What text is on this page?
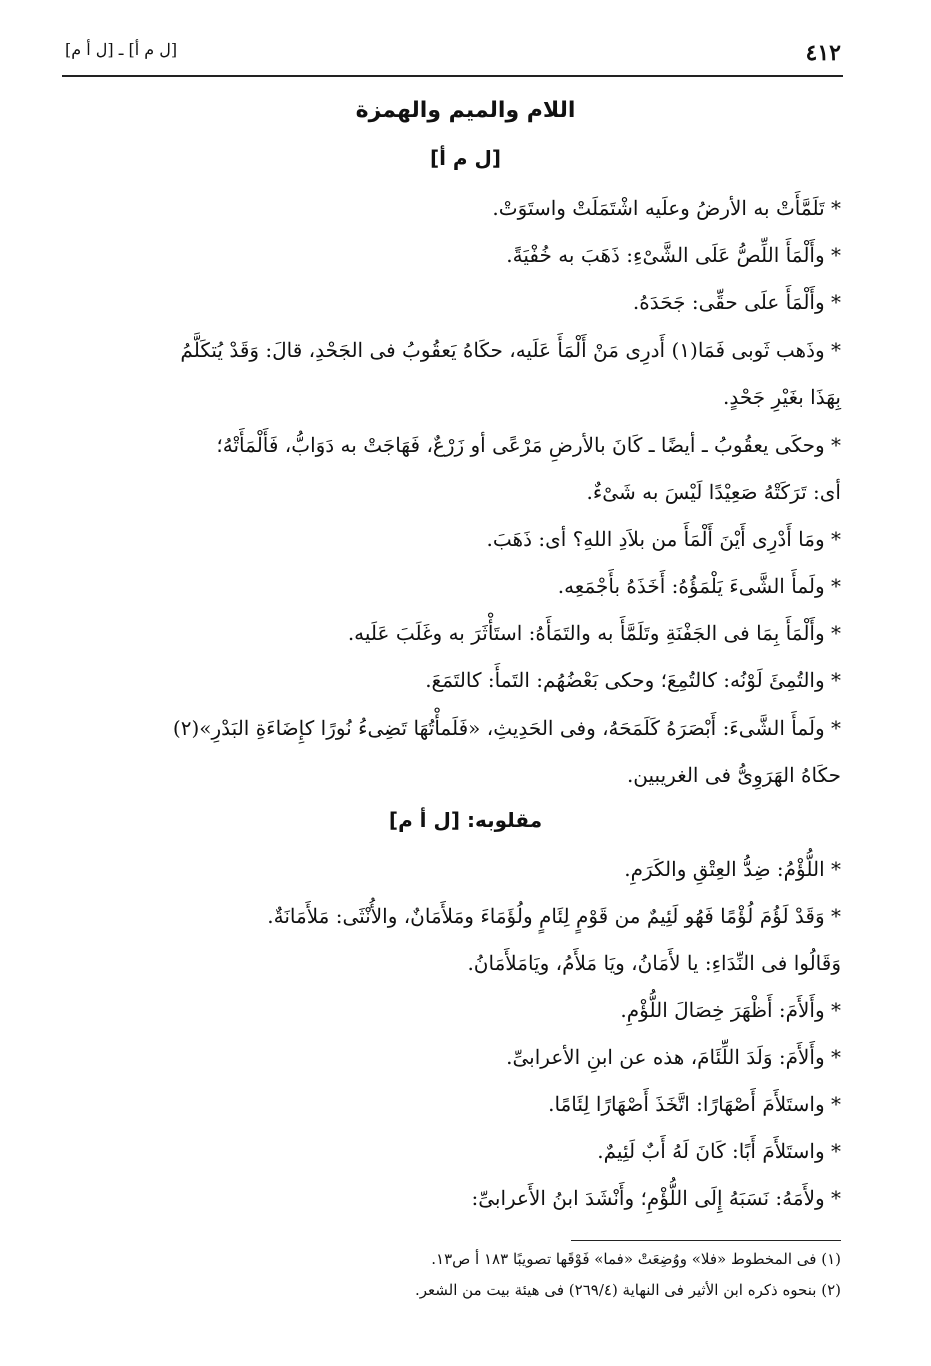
٤١٢
[ل م أ] ـ [ل أ م]
اللام والميم والهمزة
[ل م أ]
* تَلَمَّأَتْ به الأرضُ وعلَيه اشْتَمَلَتْ واستَوَتْ.
* وأَلْمَأَ اللِّصُّ عَلَى الشَّىْءِ: ذَهَبَ به خُفْيَةً.
* وأَلْمَأَ علَى حقِّى: جَحَدَهُ.
* وذَهب ثَوبى فَمَا(١) أَدرِى مَنْ أَلْمَأَ عَلَيه، حكَاهُ يَعقُوبُ فى الجَحْدِ، قالَ: وَقَدْ يُتكَلَّمُ
بِهَذَا بغَيْرِ جَحْدٍ.
* وحكَى يعقُوبُ ـ أيضًا ـ كَانَ بالأرضِ مَرْعًى أو زَرْعٌ، فَهَاجَتْ به دَوَابُّ، فَأَلْمَأَتْهُ؛
أى: تَرَكَتْهُ صَعِيْدًا لَيْسَ به شَىْءٌ.
* ومَا أَدْرِى أَيْنَ أَلْمَأَ من بلاَدِ اللهِ؟ أى: ذَهَبَ.
* ولَمأَ الشَّىءَ يَلْمَؤُهُ: أَخَذَهُ بأَجْمَعِه.
* وأَلْمَأَ بِمَا فى الجَفْنَةِ وتَلَمَّأَ به والتَمَأَهُ: استَأْثَرَ به وغَلَبَ عَلَيه.
* والتُمِئَ لَوْنُه: كالتُمِعَ؛ وحكى بَعْضُهُم: التَمأَ: كالتَمَعَ.
* ولَمأَ الشَّىءَ: أَبْصَرَهُ كَلَمَحَهُ، وفى الحَدِيثِ، «فَلَمأْتُهَا تَضِىءُ نُورًا كإِضَاءَةِ البَدْرِ»(٢)
حكَاهُ الهَرَوِىُّ فى الغريبين.
مقلوبه: [ل أ م]
* اللُّؤْمُ: ضِدُّ العِتْقِ والكَرَمِ.
* وَقَدْ لَؤُمَ لُؤْمًا فَهُو لَئِيمٌ من قَوْمٍ لِئَامٍ ولُؤَمَاءَ ومَلأَمَانٌ، والأُنْثَى: مَلأَمَانَةٌ.
وَقَالُوا فى النِّدَاءِ: يا لأَمَانُ، ويَا مَلأَمُ، ويَامَلأَمَانُ.
* وأَلأَمَ: أَظْهَرَ خِصَالَ اللُّؤْمِ.
* وأَلأَمَ: وَلَدَ اللِّئَامَ، هذه عن ابنِ الأعرابىِّ.
* واستَلأَمَ أَصْهَارًا: اتَّخَذَ أَصْهَارًا لِئَامًا.
* واستَلأَمَ أَبًا: كَانَ لَهُ أَبٌ لَئِيمٌ.
* ولأَمَهُ: نَسَبَهُ إِلَى اللُّؤْمِ؛ وأَنْشَدَ ابنُ الأَعرابىِّ:
(١) فى المخطوط «فلا» ووُضِعَتْ «فما» فَوْقَها تصويبًا ١٨٣ أ ص١٣.
(٢) بنحوه ذكره ابن الأثير فى النهاية (٢٦٩/٤) فى هيئة بيت من الشعر.
